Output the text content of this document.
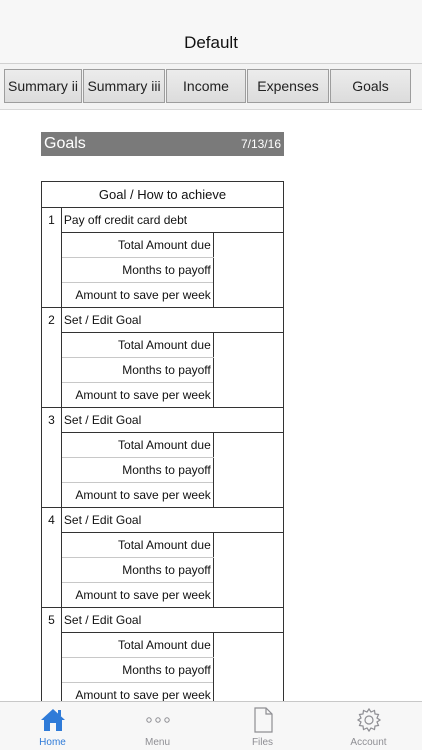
Default
Summary ii Summary iii	Income	Expenses	Goals
Goals	7/13/16
Goal / How to achieve		
1	Pay off credit card debt	
	Total Amount due	
	Months to payoff	
	Amount to save per week	
2	Set / Edit Goal	
	Total Amount due	
	Months to payoff	
	Amount to save per week	
3	Set / Edit Goal	
	Total Amount due	
	Months to payoff	
	Amount to save per week	
4	Set / Edit Goal	
	Total Amount due	
	Months to payoff	
	Amount to save per week	
5	Set / Edit Goal	
	Total Amount due	
	Months to payoff	
	Amount to save per week	
Home	Menu	Files	Account
